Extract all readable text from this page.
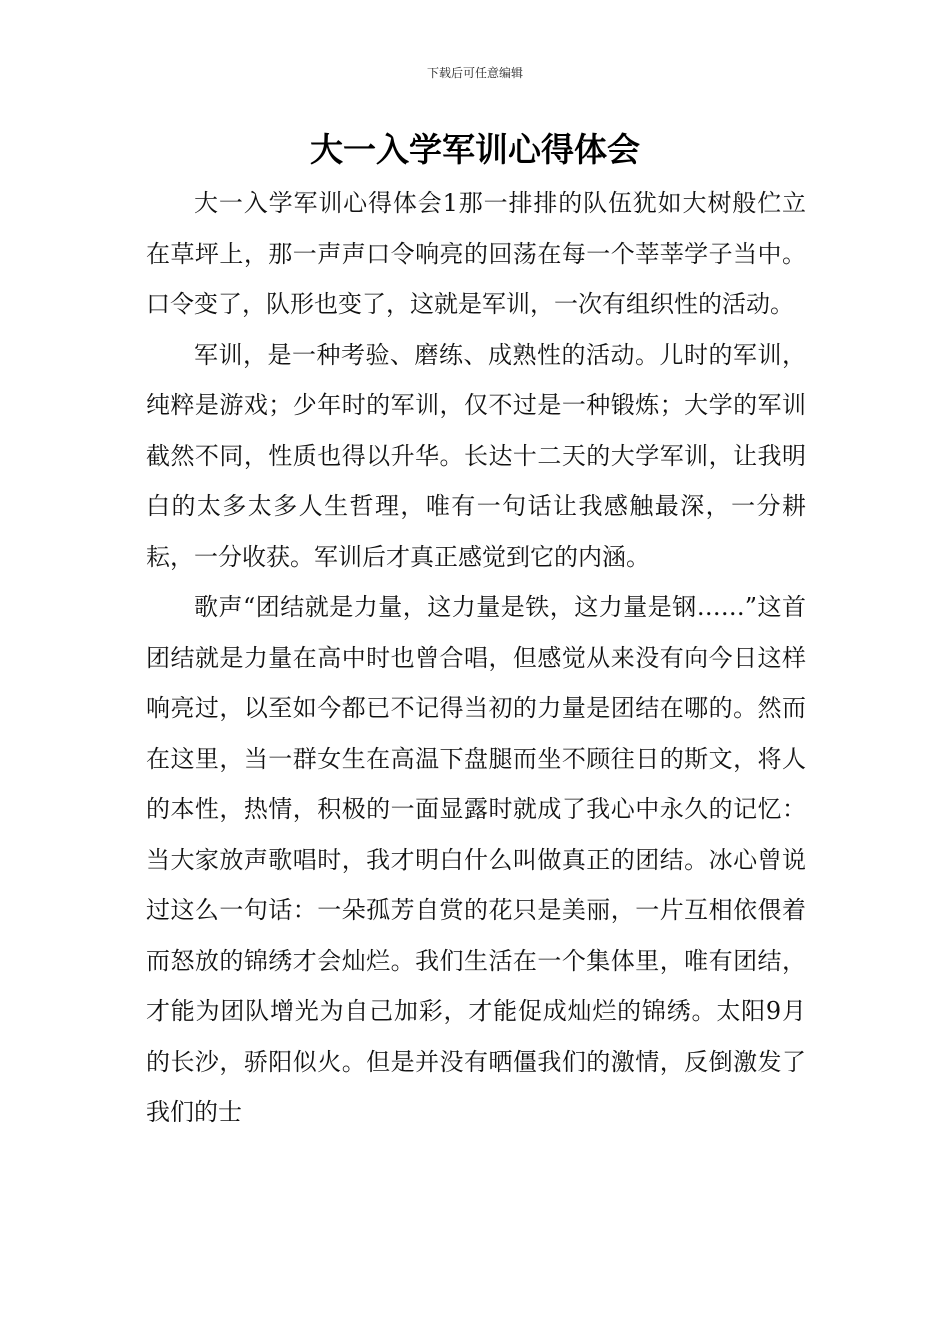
下载后可任意编辑
大一入学军训心得体会

大一入学军训心得体会1那一排排的队伍犹如大树般伫立在草坪上，那一声声口令响亮的回荡在每一个莘莘学子当中。口令变了，队形也变了，这就是军训，一次有组织性的活动。

军训，是一种考验、磨练、成熟性的活动。儿时的军训，纯粹是游戏；少年时的军训，仅不过是一种锻炼；大学的军训截然不同，性质也得以升华。长达十二天的大学军训，让我明白的太多太多人生哲理，唯有一句话让我感触最深，一分耕耘，一分收获。军训后才真正感觉到它的内涵。

歌声“团结就是力量，这力量是铁，这力量是钢……”这首团结就是力量在高中时也曾合唱，但感觉从来没有向今日这样响亮过，以至如今都已不记得当初的力量是团结在哪的。然而在这里，当一群女生在高温下盘腿而坐不顾往日的斯文，将人的本性，热情，积极的一面显露时就成了我心中永久的记忆：当大家放声歌唱时，我才明白什么叫做真正的团结。冰心曾说过这么一句话：一朵孤芳自赏的花只是美丽，一片互相依偎着而怒放的锦绣才会灿烂。我们生活在一个集体里，唯有团结，才能为团队增光为自己加彩，才能促成灿烂的锦绣。太阳9月的长沙，骄阳似火。但是并没有晒僵我们的激情，反倒激发了我们的士
